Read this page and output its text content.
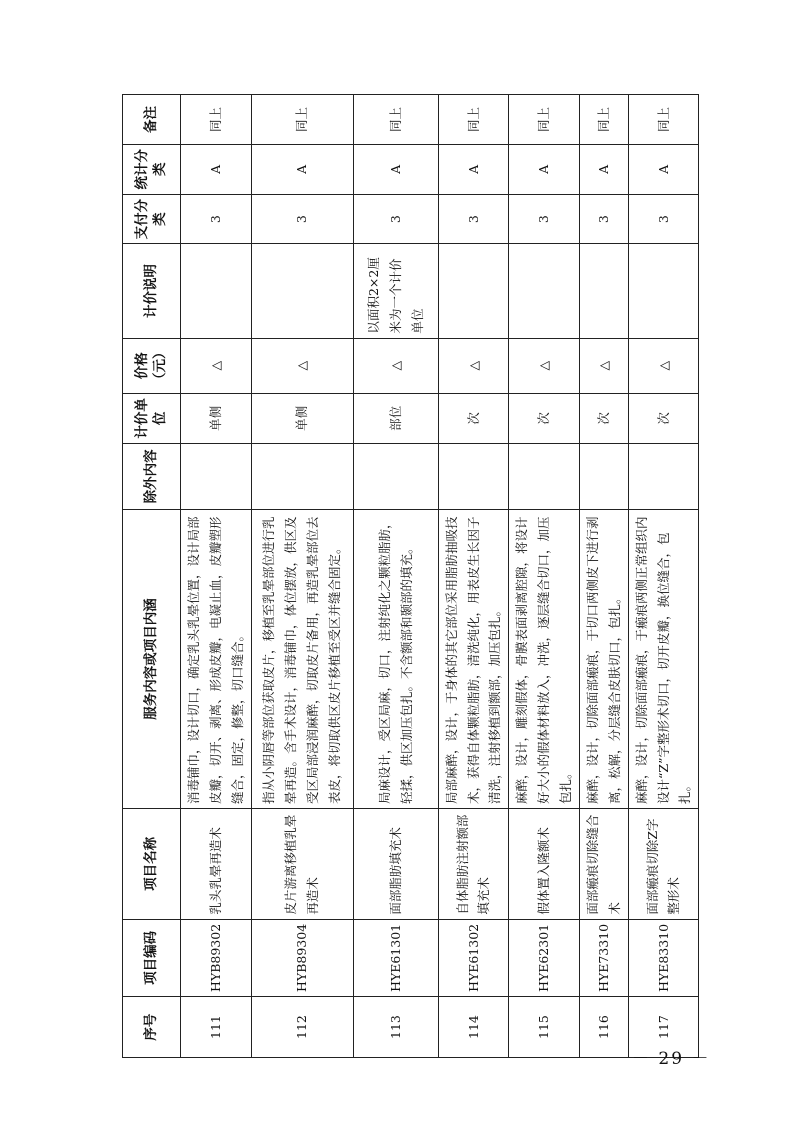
序号	项目编码	项目名称	服务内容或项目内涵	除外内容	计价单位	价格（元）	计价说明	支付分类	统计分类	备注
111	HYB89302	乳头乳晕再造术	消毒铺巾，设计切口，确定乳头乳晕位置，设计局部皮瓣，切开、剥离、形成皮瓣，电凝止血，皮瓣塑形缝合，固定，修整，切口缝合。		单侧	△		3	A	同上
112	HYB89304	皮片游离移植乳晕再造术	指从小阴唇等部位获取皮片，移植至乳晕部位进行乳晕再造。含手术设计，消毒铺巾，体位摆放，供区及受区局部浸润麻醉，切取皮片备用，再造乳晕部位去表皮，将切取供区皮片移植至受区并缝合固定。		单侧	△		3	A	同上
113	HYE61301	面部脂肪填充术	局麻设计，受区局麻，切口，注射纯化之颗粒脂肪，轻揉，供区加压包扎。不含额部和颞部的填充。		部位	△	以面积2×2厘米为一个计价单位	3	A	同上
114	HYE61302	自体脂肪注射额部填充术	局部麻醉，设计，于身体的其它部位采用脂肪抽吸技术，获得自体颗粒脂肪，清洗纯化，用表皮生长因子清洗，注射移植到额部，加压包扎。		次	△		3	A	同上
115	HYE62301	假体置入隆额术	麻醉，设计，雕刻假体，骨膜表面剥离腔隙，将设计好大小的假体材料放入，冲洗，逐层缝合切口，加压包扎。		次	△		3	A	同上
116	HYE73310	面部瘢痕切除缝合术	麻醉，设计，切除面部瘢痕，于切口两侧皮下进行剥离，松解，分层缝合皮肤切口，包扎。		次	△		3	A	同上
117	HYE83310	面部瘢痕切除Z字整形术	麻醉，设计，切除面部瘢痕，于瘢痕两侧正常组织内设计“Z”字整形术切口，切开皮瓣，换位缝合，包扎。		次	△		3	A	同上
－ 29 －
